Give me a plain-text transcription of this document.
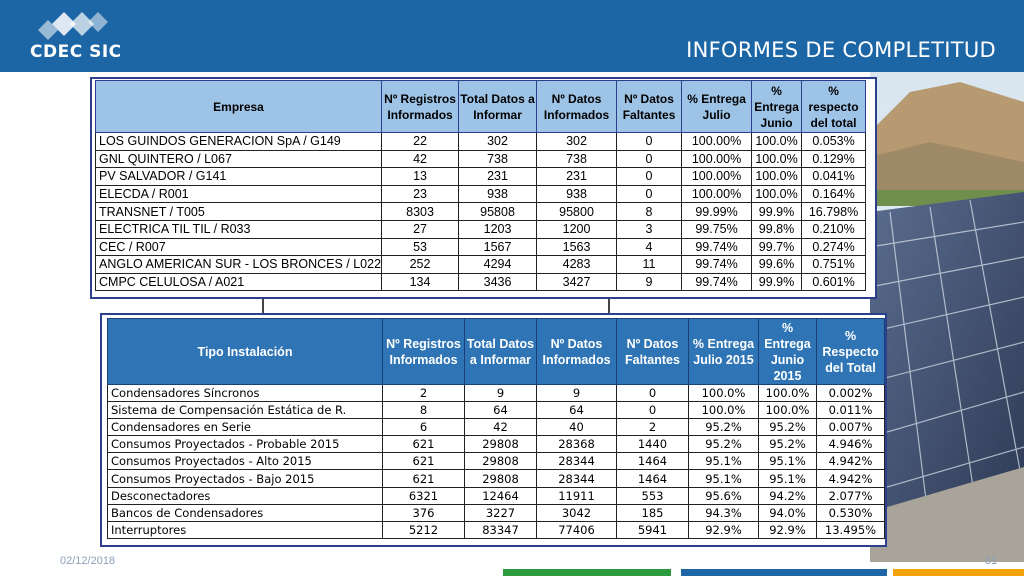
CDEC SIC	INFORMES DE COMPLETITUD
Empresa	Nº Registros Informados	Total Datos a Informar	Nº Datos Informados	Nº Datos Faltantes	% Entrega Julio	% Entrega Junio	% respecto del total
LOS GUINDOS GENERACION SpA / G149	22	302	302	0	100.00%	100.0%	0.053%
GNL QUINTERO / L067	42	738	738	0	100.00%	100.0%	0.129%
PV SALVADOR / G141	13	231	231	0	100.00%	100.0%	0.041%
ELECDA / R001	23	938	938	0	100.00%	100.0%	0.164%
TRANSNET / T005	8303	95808	95800	8	99.99%	99.9%	16.798%
ELECTRICA TIL TIL / R033	27	1203	1200	3	99.75%	99.8%	0.210%
CEC / R007	53	1567	1563	4	99.74%	99.7%	0.274%
ANGLO AMERICAN SUR - LOS BRONCES / L022	252	4294	4283	11	99.74%	99.6%	0.751%
CMPC CELULOSA / A021	134	3436	3427	9	99.74%	99.9%	0.601%
Tipo Instalación	Nº Registros Informados	Total Datos a Informar	Nº Datos Informados	Nº Datos Faltantes	% Entrega Julio 2015	% Entrega Junio 2015	% Respecto del Total
Condensadores Síncronos	2	9	9	0	100.0%	100.0%	0.002%
Sistema de Compensación Estática de R.	8	64	64	0	100.0%	100.0%	0.011%
Condensadores en Serie	6	42	40	2	95.2%	95.2%	0.007%
Consumos Proyectados - Probable 2015	621	29808	28368	1440	95.2%	95.2%	4.946%
Consumos Proyectados - Alto 2015	621	29808	28344	1464	95.1%	95.1%	4.942%
Consumos Proyectados - Bajo 2015	621	29808	28344	1464	95.1%	95.1%	4.942%
Desconectadores	6321	12464	11911	553	95.6%	94.2%	2.077%
Bancos de Condensadores	376	3227	3042	185	94.3%	94.0%	0.530%
Interruptores	5212	83347	77406	5941	92.9%	92.9%	13.495%
02/12/2018	31
